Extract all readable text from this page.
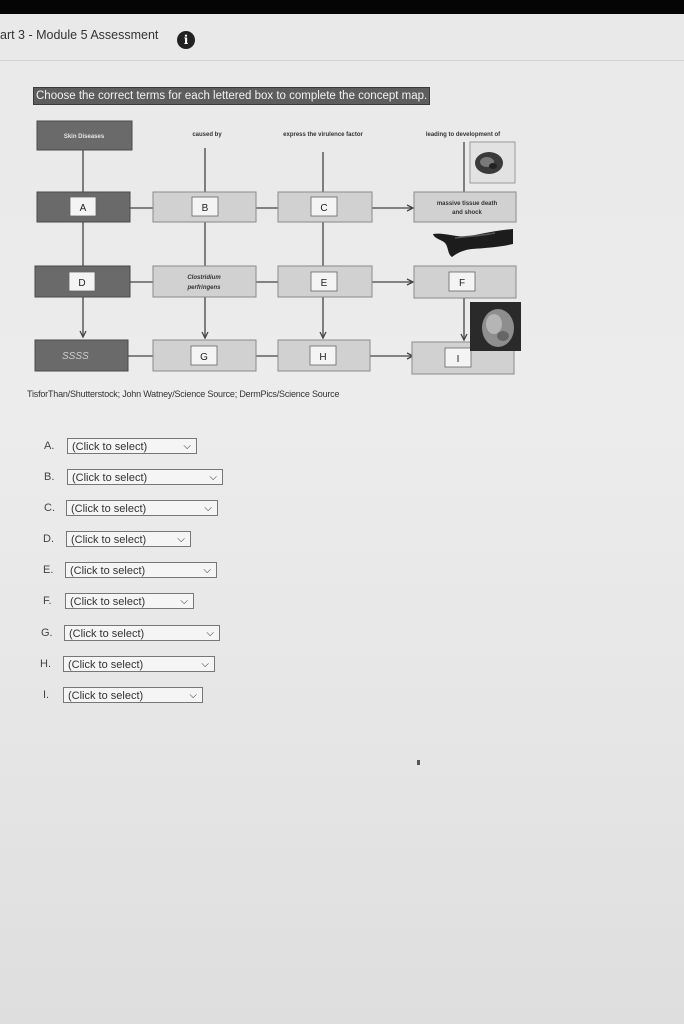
art 3 - Module 5 Assessment	i
Choose the correct terms for each lettered box to complete the concept map.
Skin Diseases	caused by	express the virulence factor	leading to development of
A	B	C	massive tissue death
and shock
D	Clostridium
perfringens	E	F
SSSS	G	H	I
TisforThan/Shutterstock; John Watney/Science Source; DermPics/Science Source
A.	(Click to select)	⌵
B.	(Click to select)	⌵
C.	(Click to select)	⌵
D.	(Click to select)	⌵
E.	(Click to select)	⌵
F.	(Click to select)	⌵
G.	(Click to select)	⌵
H.	(Click to select)	⌵
I.	(Click to select)	⌵
